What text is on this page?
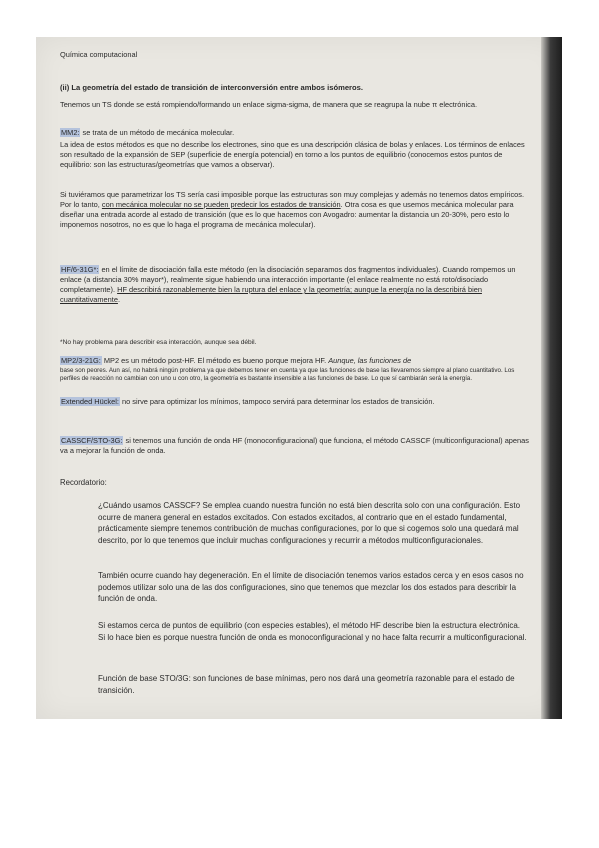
Química computacional

(ii) La geometría del estado de transición de interconversión entre ambos isómeros.

Tenemos un TS donde se está rompiendo/formando un enlace sigma-sigma, de manera que se reagrupa la nube π electrónica.

MM2: se trata de un método de mecánica molecular.

La idea de estos métodos es que no describe los electrones, sino que es una descripción clásica de bolas y enlaces. Los términos de enlaces son resultado de la expansión de SEP (superficie de energía potencial) en torno a los puntos de equilibrio (conocemos estos puntos de equilibrio: son las estructuras/geometrías que vamos a observar).

Si tuviéramos que parametrizar los TS sería casi imposible porque las estructuras son muy complejas y además no tenemos datos empíricos. Por lo tanto, con mecánica molecular no se pueden predecir los estados de transición. Otra cosa es que usemos mecánica molecular para diseñar una entrada acorde al estado de transición (que es lo que hacemos con Avogadro: aumentar la distancia un 20-30%, pero esto lo imponemos nosotros, no es que lo haga el programa de mecánica molecular).

HF/6-31G*: en el límite de disociación falla este método (en la disociación separamos dos fragmentos individuales). Cuando rompemos un enlace (a distancia 30% mayor*), realmente sigue habiendo una interacción importante (el enlace realmente no está roto/disociado completamente). HF describirá razonablemente bien la ruptura del enlace y la geometría; aunque la energía no la describirá bien cuantitativamente.

*No hay problema para describir esa interacción, aunque sea débil.

MP2/3-21G: MP2 es un método post-HF. El método es bueno porque mejora HF. Aunque, las funciones de

base son peores. Aun así, no habrá ningún problema ya que debemos tener en cuenta ya que las funciones de base las llevaremos siempre al plano cuantitativo. Los perfiles de reacción no cambian con uno u con otro, la geometría es bastante insensible a las funciones de base. Lo que sí cambiarán será la energía.

Extended Hückel: no sirve para optimizar los mínimos, tampoco servirá para determinar los estados de transición.

CASSCF/STO-3G: si tenemos una función de onda HF (monoconfiguracional) que funciona, el método CASSCF (multiconfiguracional) apenas va a mejorar la función de onda.

Recordatorio:

¿Cuándo usamos CASSCF? Se emplea cuando nuestra función no está bien descrita solo con una configuración. Esto ocurre de manera general en estados excitados. Con estados excitados, al contrario que en el estado fundamental, prácticamente siempre tenemos contribución de muchas configuraciones, por lo que si cogemos solo una quedará mal descrito, por lo que tenemos que incluir muchas configuraciones y recurrir a métodos multiconfiguracionales.

También ocurre cuando hay degeneración. En el límite de disociación tenemos varios estados cerca y en esos casos no podemos utilizar solo una de las dos configuraciones, sino que tenemos que mezclar los dos estados para describir la función de onda.

Si estamos cerca de puntos de equilibrio (con especies estables), el método HF describe bien la estructura electrónica. Si lo hace bien es porque nuestra función de onda es monoconfiguracional y no hace falta recurrir a multiconfiguracional.

Función de base STO/3G: son funciones de base mínimas, pero nos dará una geometría razonable para el estado de transición.
